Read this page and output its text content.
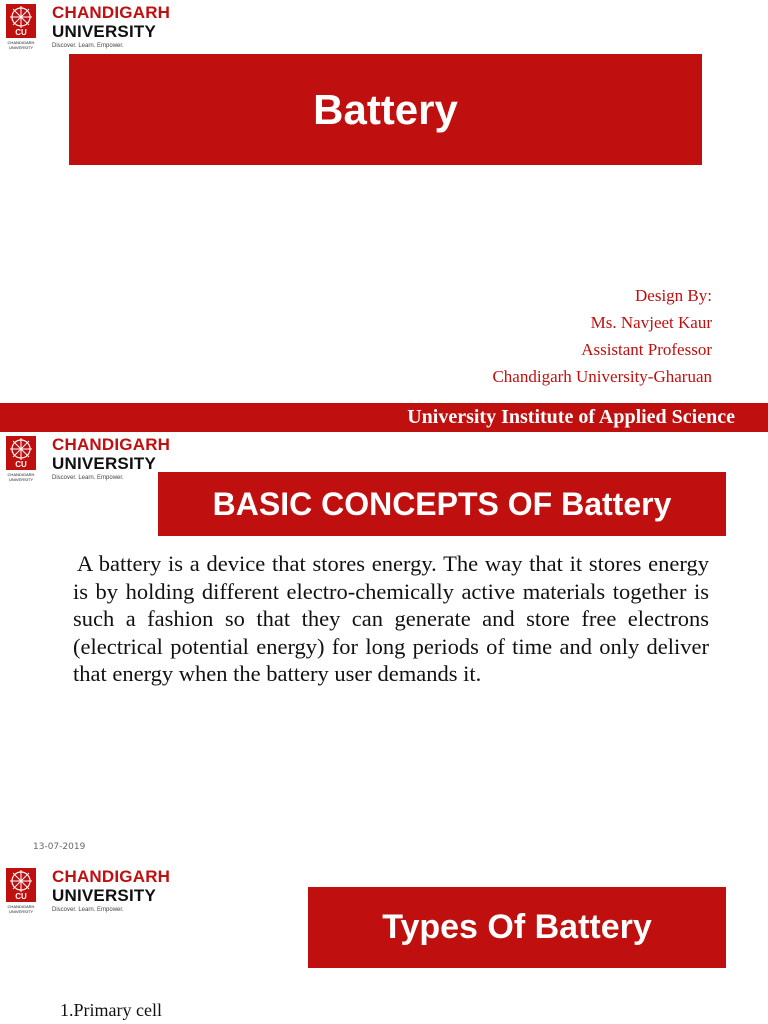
CU
CHANDIGARH
UNIVERSITY
CHANDIGARH
UNIVERSITY
Discover. Learn. Empower.
Battery
Design By:
Ms. Navjeet Kaur
Assistant Professor
Chandigarh University-Gharuan
University Institute of Applied Science
CU
CHANDIGARH
UNIVERSITY
CHANDIGARH
UNIVERSITY
Discover. Learn. Empower.
BASIC CONCEPTS OF Battery
A battery is a device that stores energy. The way that it stores energy is by holding different electro-chemically active materials together is such a fashion so that they can generate and store free electrons (electrical potential energy) for long periods of time and only deliver that energy when the battery user demands it.
13-07-2019
CU
CHANDIGARH
UNIVERSITY
CHANDIGARH
UNIVERSITY
Discover. Learn. Empower.	Types Of Battery
1.Primary cell
